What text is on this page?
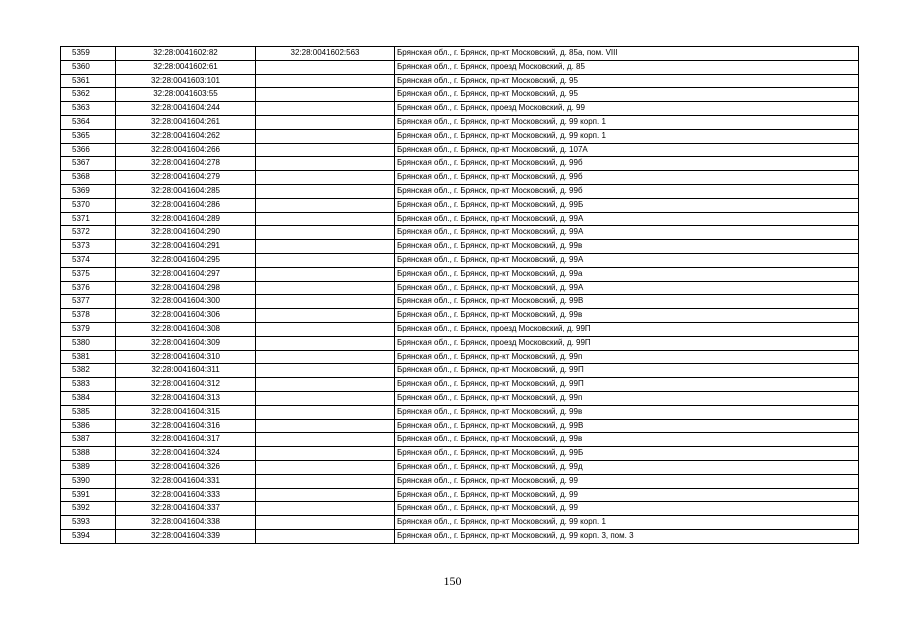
5359	32:28:0041602:82	32:28:0041602:563	Брянская обл., г. Брянск, пр-кт Московский, д. 85а, пом. VIII
5360	32:28:0041602:61		Брянская обл., г. Брянск, проезд Московский, д. 85
5361	32:28:0041603:101		Брянская обл., г. Брянск, пр-кт Московский, д. 95
5362	32:28:0041603:55		Брянская обл., г. Брянск, пр-кт Московский, д. 95
5363	32:28:0041604:244		Брянская обл., г. Брянск, проезд Московский, д. 99
5364	32:28:0041604:261		Брянская обл., г. Брянск, пр-кт Московский, д. 99 корп. 1
5365	32:28:0041604:262		Брянская обл., г. Брянск, пр-кт Московский, д. 99 корп. 1
5366	32:28:0041604:266		Брянская обл., г. Брянск, пр-кт Московский, д. 107А
5367	32:28:0041604:278		Брянская обл., г. Брянск, пр-кт Московский, д. 99б
5368	32:28:0041604:279		Брянская обл., г. Брянск, пр-кт Московский, д. 99б
5369	32:28:0041604:285		Брянская обл., г. Брянск, пр-кт Московский, д. 99б
5370	32:28:0041604:286		Брянская обл., г. Брянск, пр-кт Московский, д. 99Б
5371	32:28:0041604:289		Брянская обл., г. Брянск, пр-кт Московский, д. 99А
5372	32:28:0041604:290		Брянская обл., г. Брянск, пр-кт Московский, д. 99А
5373	32:28:0041604:291		Брянская обл., г. Брянск, пр-кт Московский, д. 99в
5374	32:28:0041604:295		Брянская обл., г. Брянск, пр-кт Московский, д. 99А
5375	32:28:0041604:297		Брянская обл., г. Брянск, пр-кт Московский, д. 99а
5376	32:28:0041604:298		Брянская обл., г. Брянск, пр-кт Московский, д. 99А
5377	32:28:0041604:300		Брянская обл., г. Брянск, пр-кт Московский, д. 99В
5378	32:28:0041604:306		Брянская обл., г. Брянск, пр-кт Московский, д. 99в
5379	32:28:0041604:308		Брянская обл., г. Брянск, проезд Московский, д. 99П
5380	32:28:0041604:309		Брянская обл., г. Брянск, проезд Московский, д. 99П
5381	32:28:0041604:310		Брянская обл., г. Брянск, пр-кт Московский, д. 99п
5382	32:28:0041604:311		Брянская обл., г. Брянск, пр-кт Московский, д. 99П
5383	32:28:0041604:312		Брянская обл., г. Брянск, пр-кт Московский, д. 99П
5384	32:28:0041604:313		Брянская обл., г. Брянск, пр-кт Московский, д. 99п
5385	32:28:0041604:315		Брянская обл., г. Брянск, пр-кт Московский, д. 99в
5386	32:28:0041604:316		Брянская обл., г. Брянск, пр-кт Московский, д. 99В
5387	32:28:0041604:317		Брянская обл., г. Брянск, пр-кт Московский, д. 99в
5388	32:28:0041604:324		Брянская обл., г. Брянск, пр-кт Московский, д. 99Б
5389	32:28:0041604:326		Брянская обл., г. Брянск, пр-кт Московский, д. 99д
5390	32:28:0041604:331		Брянская обл., г. Брянск, пр-кт Московский, д. 99
5391	32:28:0041604:333		Брянская обл., г. Брянск, пр-кт Московский, д. 99
5392	32:28:0041604:337		Брянская обл., г. Брянск, пр-кт Московский, д. 99
5393	32:28:0041604:338		Брянская обл., г. Брянск, пр-кт Московский, д. 99 корп. 1
5394	32:28:0041604:339		Брянская обл., г. Брянск, пр-кт Московский, д. 99 корп. 3, пом. 3
150
